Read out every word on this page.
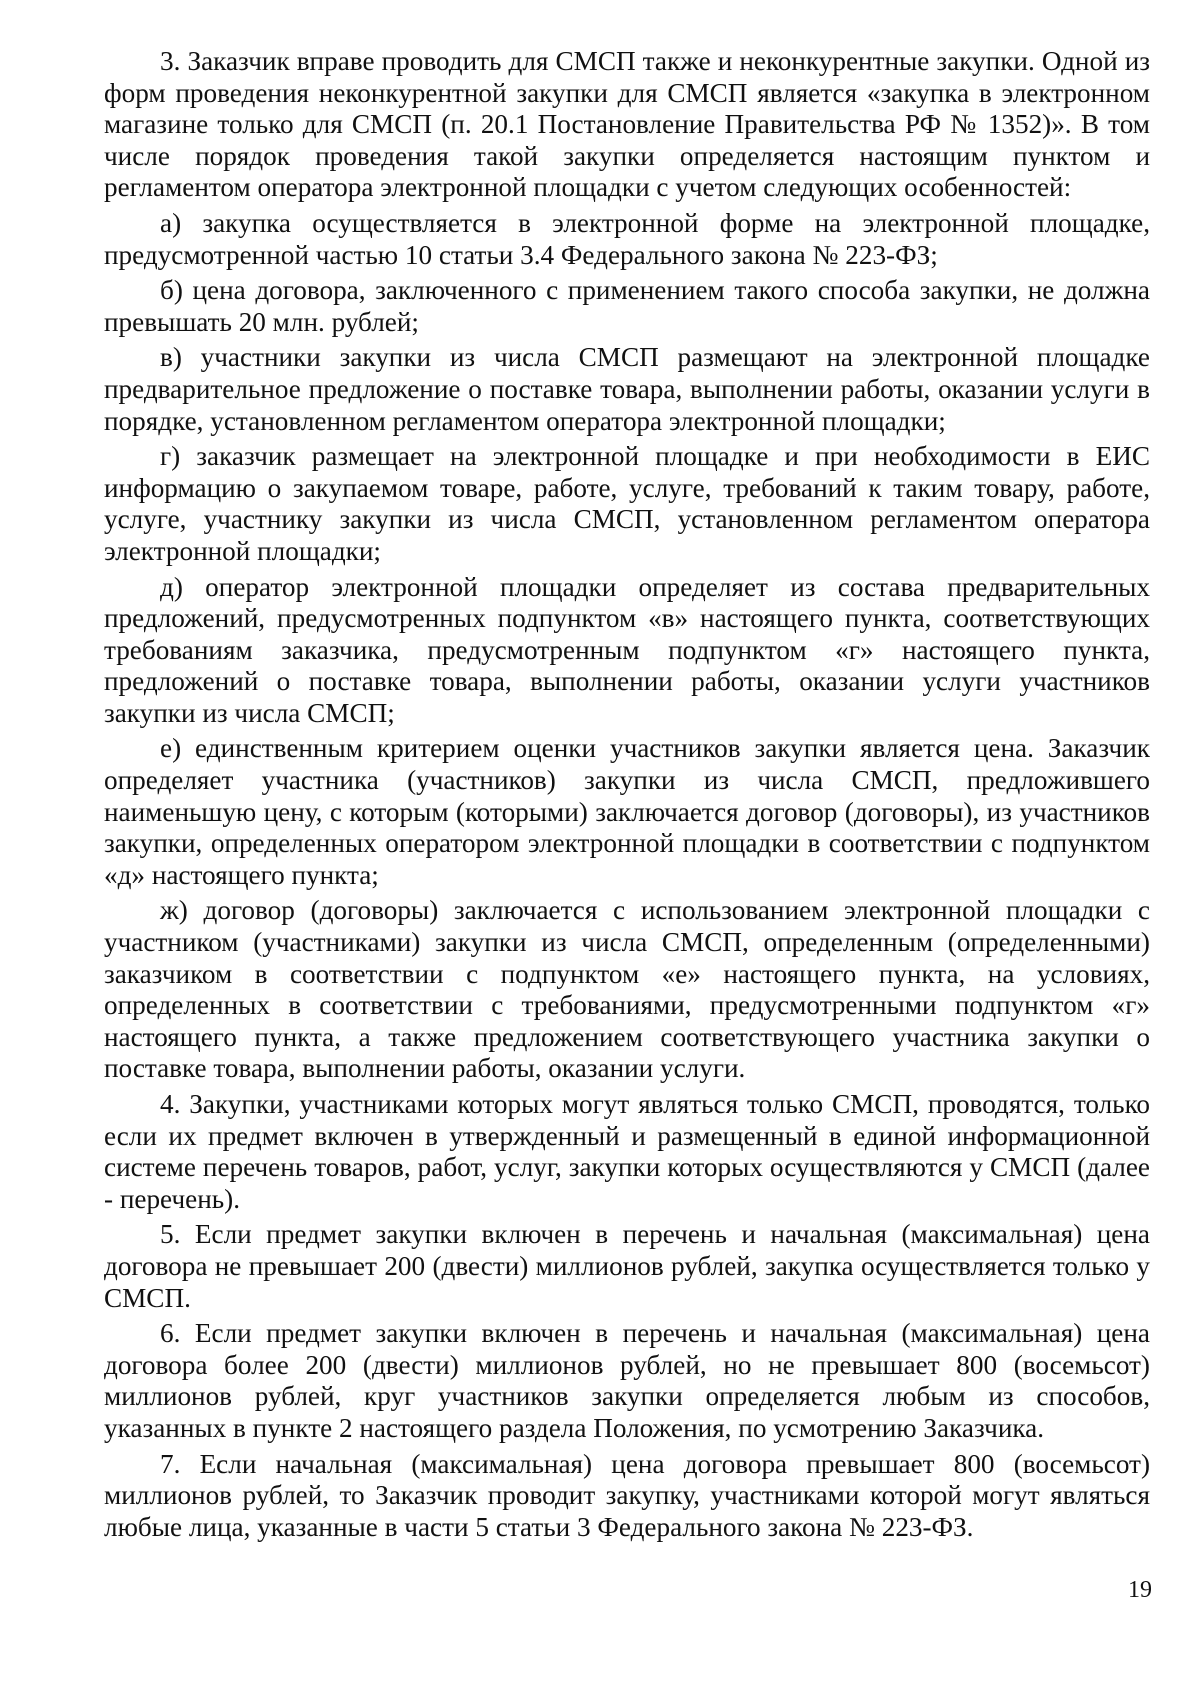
3. Заказчик вправе проводить для СМСП также и неконкурентные закупки. Одной из форм проведения неконкурентной закупки для СМСП является «закупка в электронном магазине только для СМСП (п. 20.1 Постановление Правительства РФ № 1352)». В том числе порядок проведения такой закупки определяется настоящим пунктом и регламентом оператора электронной площадки с учетом следующих особенностей:

а) закупка осуществляется в электронной форме на электронной площадке, предусмотренной частью 10 статьи 3.4 Федерального закона № 223-ФЗ;

б) цена договора, заключенного с применением такого способа закупки, не должна превышать 20 млн. рублей;

в) участники закупки из числа СМСП размещают на электронной площадке предварительное предложение о поставке товара, выполнении работы, оказании услуги в порядке, установленном регламентом оператора электронной площадки;

г) заказчик размещает на электронной площадке и при необходимости в ЕИС информацию о закупаемом товаре, работе, услуге, требований к таким товару, работе, услуге, участнику закупки из числа СМСП, установленном регламентом оператора электронной площадки;

д) оператор электронной площадки определяет из состава предварительных предложений, предусмотренных подпунктом «в» настоящего пункта, соответствующих требованиям заказчика, предусмотренным подпунктом «г» настоящего пункта, предложений о поставке товара, выполнении работы, оказании услуги участников закупки из числа СМСП;

е) единственным критерием оценки участников закупки является цена. Заказчик определяет участника (участников) закупки из числа СМСП, предложившего наименьшую цену, с которым (которыми) заключается договор (договоры), из участников закупки, определенных оператором электронной площадки в соответствии с подпунктом «д» настоящего пункта;

ж) договор (договоры) заключается с использованием электронной площадки с участником (участниками) закупки из числа СМСП, определенным (определенными) заказчиком в соответствии с подпунктом «е» настоящего пункта, на условиях, определенных в соответствии с требованиями, предусмотренными подпунктом «г» настоящего пункта, а также предложением соответствующего участника закупки о поставке товара, выполнении работы, оказании услуги.

4. Закупки, участниками которых могут являться только СМСП, проводятся, только если их предмет включен в утвержденный и размещенный в единой информационной системе перечень товаров, работ, услуг, закупки которых осуществляются у СМСП (далее - перечень).

5. Если предмет закупки включен в перечень и начальная (максимальная) цена договора не превышает 200 (двести) миллионов рублей, закупка осуществляется только у СМСП.

6. Если предмет закупки включен в перечень и начальная (максимальная) цена договора более 200 (двести) миллионов рублей, но не превышает 800 (восемьсот) миллионов рублей, круг участников закупки определяется любым из способов, указанных в пункте 2 настоящего раздела Положения, по усмотрению Заказчика.

7. Если начальная (максимальная) цена договора превышает 800 (восемьсот) миллионов рублей, то Заказчик проводит закупку, участниками которой могут являться любые лица, указанные в части 5 статьи 3 Федерального закона № 223-ФЗ.

19
